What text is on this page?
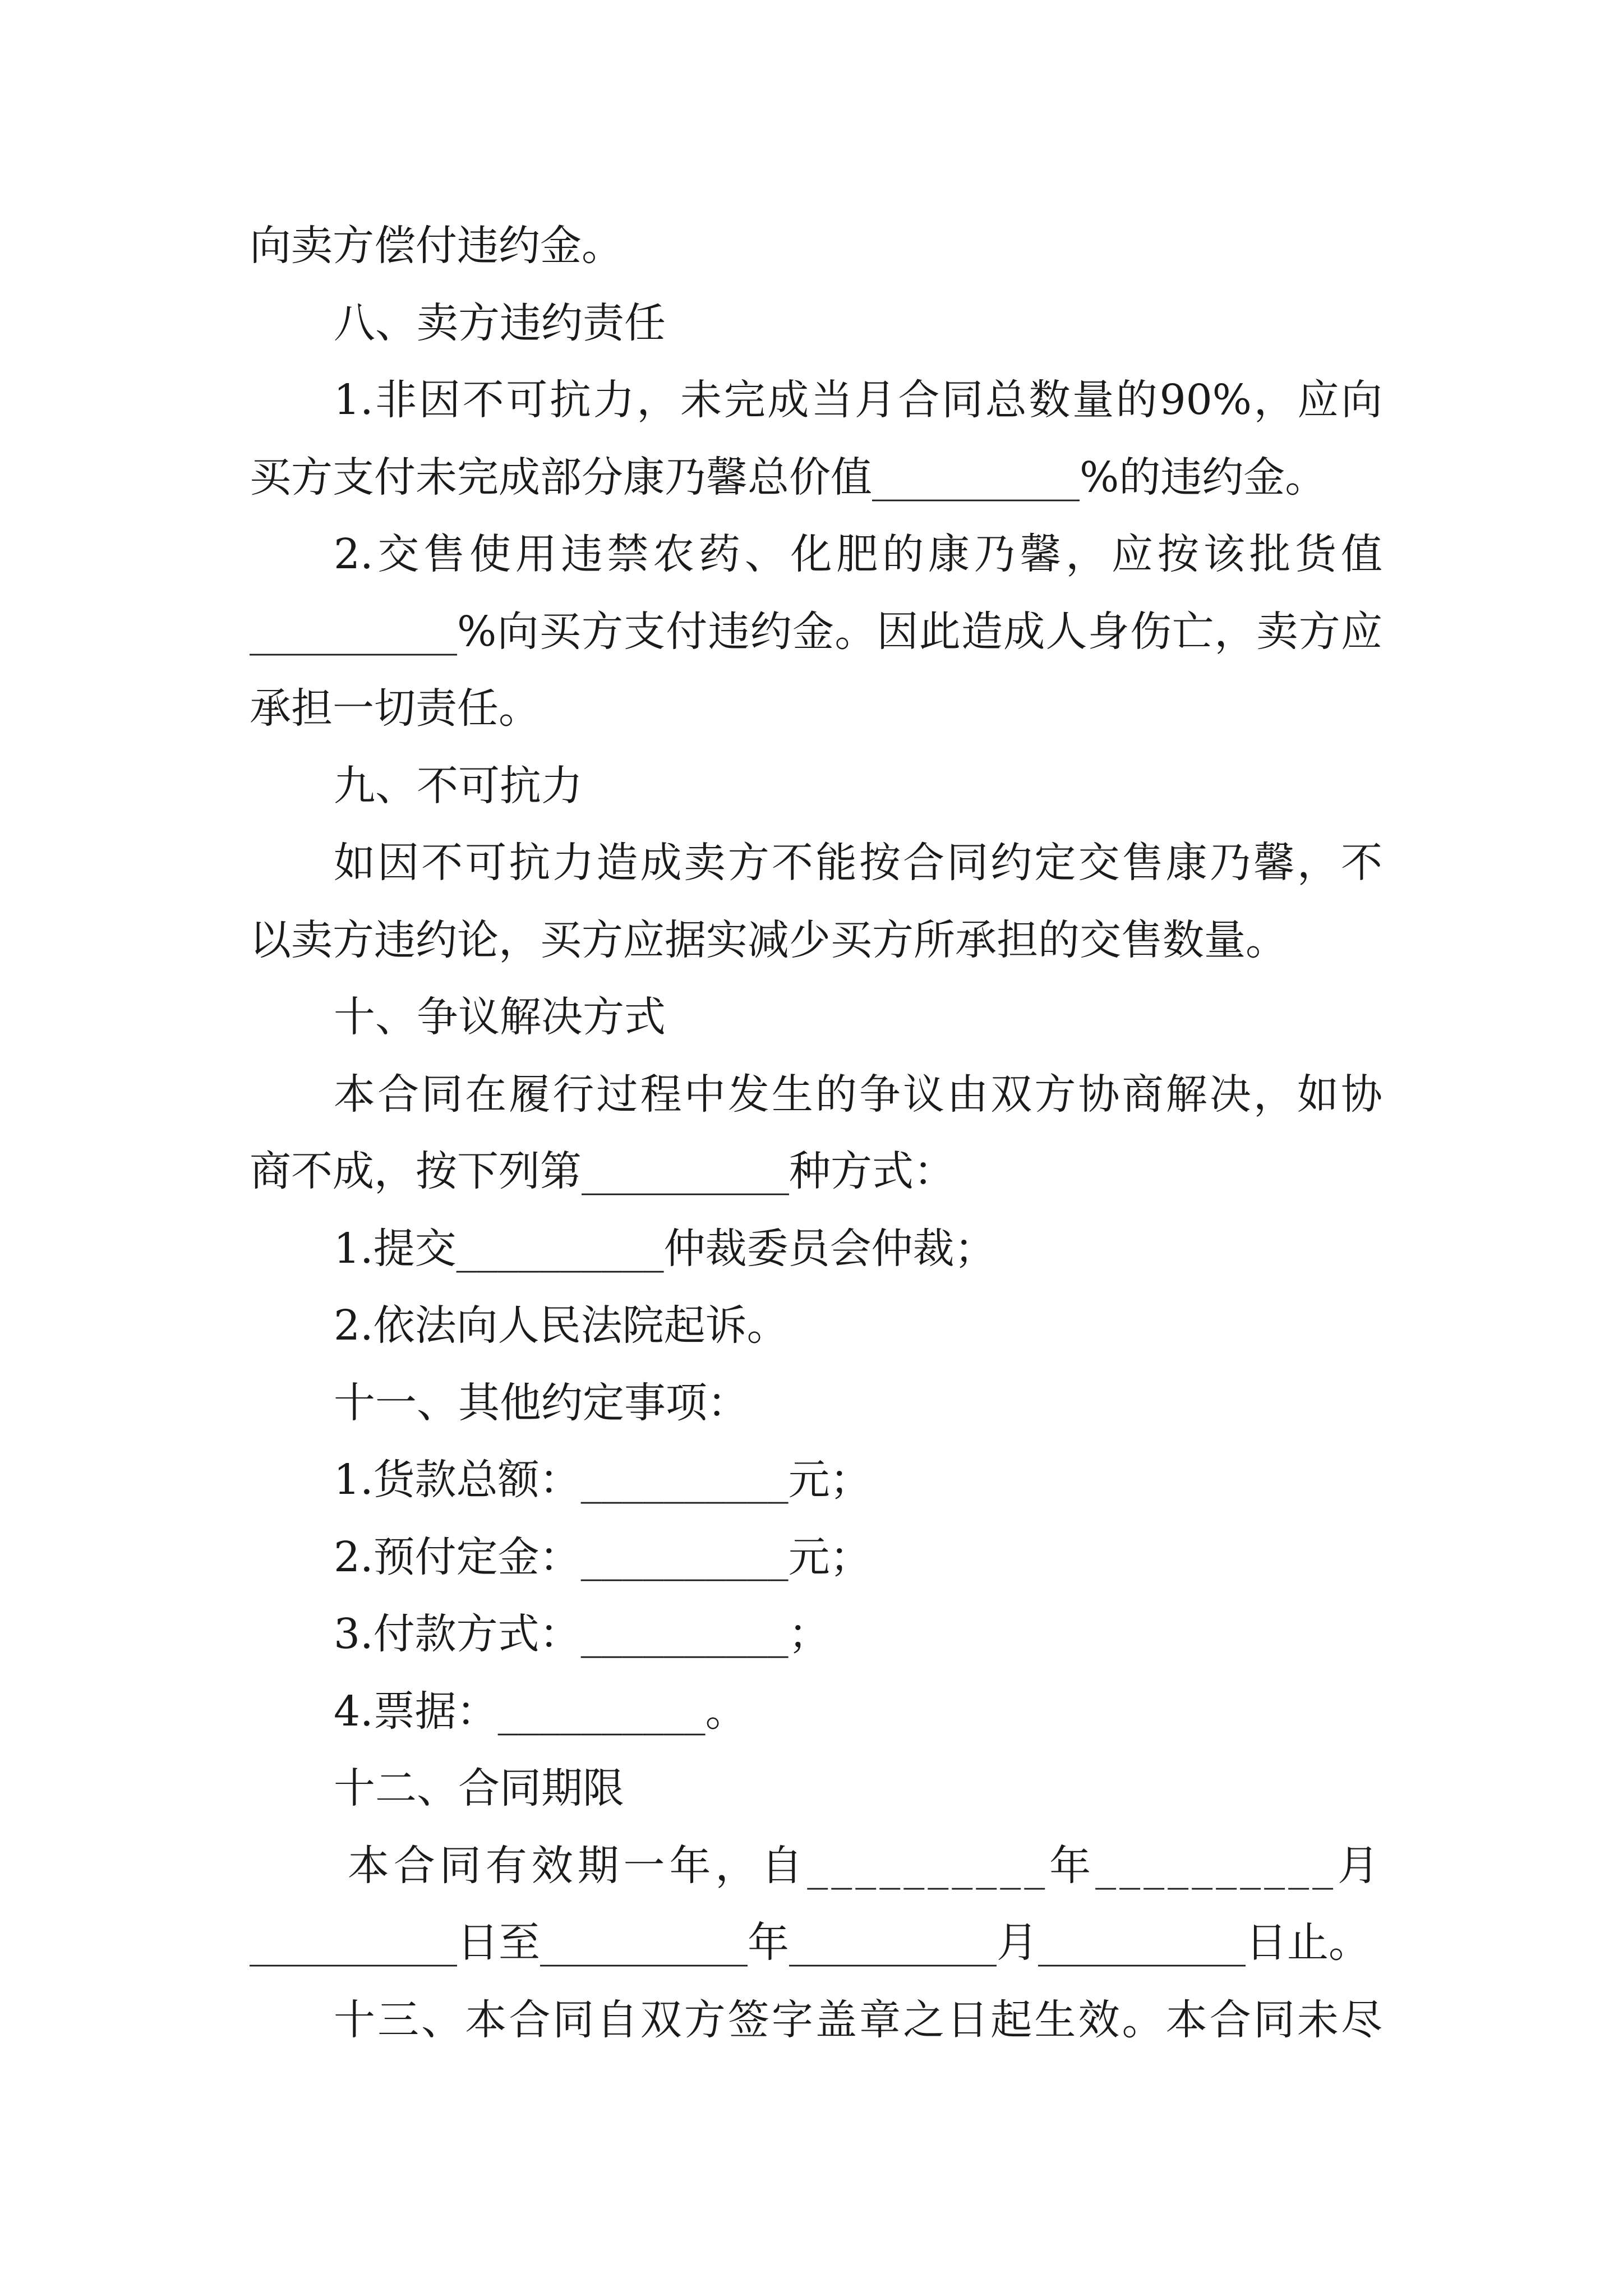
向卖方偿付违约金。
八、卖方违约责任
1.非因不可抗力，未完成当月合同总数量的90%，应向
买方支付未完成部分康乃馨总价值__________%的违约金。
2.交售使用违禁农药、化肥的康乃馨，应按该批货值
__________%向买方支付违约金。因此造成人身伤亡，卖方应
承担一切责任。
九、不可抗力
如因不可抗力造成卖方不能按合同约定交售康乃馨，不
以卖方违约论，买方应据实减少买方所承担的交售数量。
十、争议解决方式
本合同在履行过程中发生的争议由双方协商解决，如协
商不成，按下列第__________种方式：
1.提交__________仲裁委员会仲裁；
2.依法向人民法院起诉。
十一、其他约定事项：
1.货款总额：__________元；
2.预付定金：__________元；
3.付款方式：__________；
4.票据：__________。
十二、合同期限
本合同有效期一年，自__________年__________月
__________日至__________年__________月__________日止。
十三、本合同自双方签字盖章之日起生效。本合同未尽
